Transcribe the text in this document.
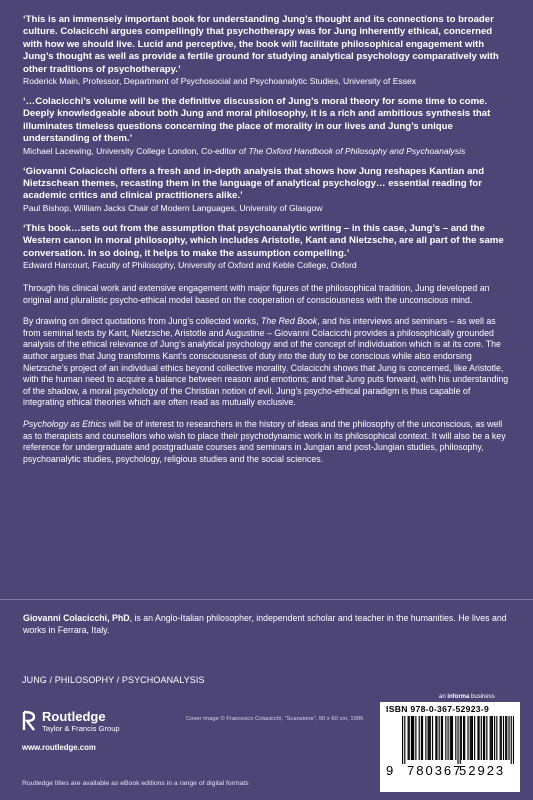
‘This is an immensely important book for understanding Jung’s thought and its connections to broader culture. Colacicchi argues compellingly that psychotherapy was for Jung inherently ethical, concerned with how we should live. Lucid and perceptive, the book will facilitate philosophical engagement with Jung’s thought as well as provide a fertile ground for studying analytical psychology comparatively with other traditions of psychotherapy.’

Roderick Main, Professor, Department of Psychosocial and Psychoanalytic Studies, University of Essex

‘…Colacicchi’s volume will be the definitive discussion of Jung’s moral theory for some time to come. Deeply knowledgeable about both Jung and moral philosophy, it is a rich and ambitious synthesis that illuminates timeless questions concerning the place of morality in our lives and Jung’s unique understanding of them.’

Michael Lacewing, University College London, Co-editor of The Oxford Handbook of Philosophy and Psychoanalysis

‘Giovanni Colacicchi offers a fresh and in-depth analysis that shows how Jung reshapes Kantian and Nietzschean themes, recasting them in the language of analytical psychology… essential reading for academic critics and clinical practitioners alike.’

Paul Bishop, William Jacks Chair of Modern Languages, University of Glasgow

‘This book…sets out from the assumption that psychoanalytic writing – in this case, Jung’s – and the Western canon in moral philosophy, which includes Aristotle, Kant and Nietzsche, are all part of the same conversation. In so doing, it helps to make the assumption compelling.’

Edward Harcourt, Faculty of Philosophy, University of Oxford and Keble College, Oxford

Through his clinical work and extensive engagement with major figures of the philosophical tradition, Jung developed an original and pluralistic psycho-ethical model based on the cooperation of consciousness with the unconscious mind.

By drawing on direct quotations from Jung’s collected works, The Red Book, and his interviews and seminars – as well as from seminal texts by Kant, Nietzsche, Aristotle and Augustine – Giovanni Colacicchi provides a philosophically grounded analysis of the ethical relevance of Jung’s analytical psychology and of the concept of individuation which is at its core. The author argues that Jung transforms Kant’s consciousness of duty into the duty to be conscious while also endorsing Nietzsche’s project of an individual ethics beyond collective morality. Colacicchi shows that Jung is concerned, like Aristotle, with the human need to acquire a balance between reason and emotions; and that Jung puts forward, with his understanding of the shadow, a moral psychology of the Christian notion of evil. Jung’s psycho-ethical paradigm is thus capable of integrating ethical theories which are often read as mutually exclusive.

Psychology as Ethics will be of interest to researchers in the history of ideas and the philosophy of the unconscious, as well as to therapists and counsellors who wish to place their psychodynamic work in its philosophical context. It will also be a key reference for undergraduate and postgraduate courses and seminars in Jungian and post-Jungian studies, philosophy, psychoanalytic studies, psychology, religious studies and the social sciences.

Giovanni Colacicchi, PhD, is an Anglo-Italian philosopher, independent scholar and teacher in the humanities. He lives and works in Ferrara, Italy.
JUNG / PHILOSOPHY / PSYCHOANALYSIS
an informa business
Routledge
Taylor & Francis Group
www.routledge.com
Cover image © Francesco Colacicchi, “Scansione”, 50 x 60 cm, 1996
Routledge titles are available as eBook editions in a range of digital formats
ISBN 978-0-367-52923-9
9 780367
52923
